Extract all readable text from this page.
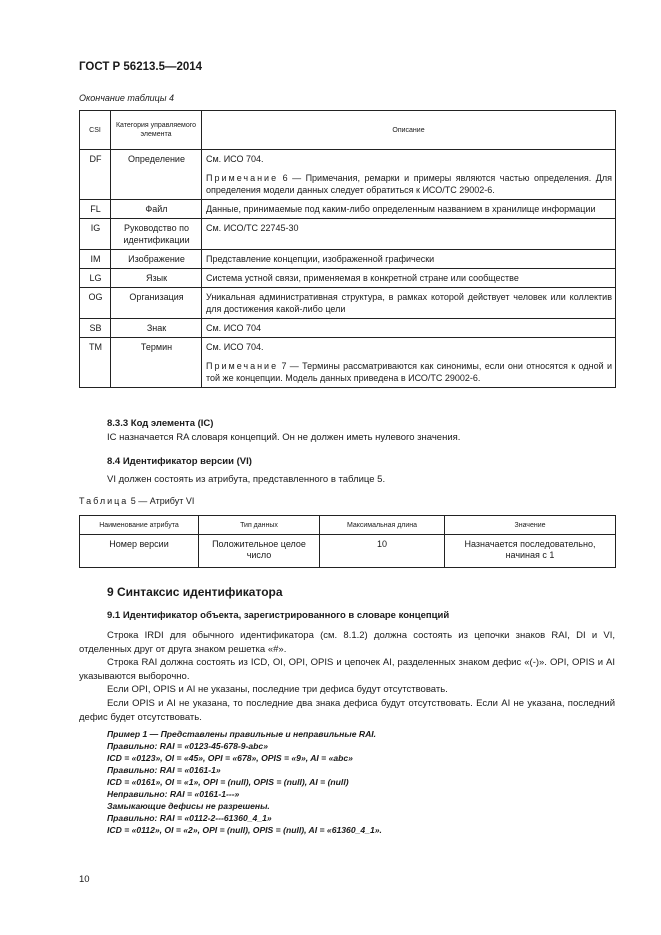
ГОСТ Р 56213.5—2014
Окончание таблицы 4
CSI	Категория управляемого элемента	Описание
DF	Определение	См. ИСО 704.
Примечание 6 — Примечания, ремарки и примеры являются частью определения. Для определения модели данных следует обратиться к ИСО/ТС 29002-6.

FL	Файл	Данные, принимаемые под каким-либо определенным названием в хранилище информации
IG	Руководство по идентификации	См. ИСО/ТС 22745-30
IM	Изображение	Представление концепции, изображенной графически
LG	Язык	Система устной связи, применяемая в конкретной стране или сообществе
OG	Организация	Уникальная административная структура, в рамках которой действует человек или коллектив для достижения какой-либо цели
SB	Знак	См. ИСО 704
TM	Термин	См. ИСО 704.
Примечание 7 — Термины рассматриваются как синонимы, если они относятся к одной и той же концепции. Модель данных приведена в ИСО/ТС 29002-6.
8.3.3 Код элемента (IC)
IC назначается RA словаря концепций. Он не должен иметь нулевого значения.
8.4 Идентификатор версии (VI)
VI должен состоять из атрибута, представленного в таблице 5.
Таблица 5 — Атрибут VI
Наименование атрибута	Тип данных	Максимальная длина	Значение
Номер версии	Положительное целое число	10	Назначается последовательно, начиная с 1
9 Синтаксис идентификатора
9.1 Идентификатор объекта, зарегистрированного в словаре концепций
Строка IRDI для обычного идентификатора (см. 8.1.2) должна состоять из цепочки знаков RAI, DI и VI, отделенных друг от друга знаком решетка «#».
Строка RAI должна состоять из ICD, OI, OPI, OPIS и цепочек AI, разделенных знаком дефис «(-)». OPI, OPIS и AI указываются выборочно.
Если OPI, OPIS и AI не указаны, последние три дефиса будут отсутствовать.
Если OPIS и AI не указана, то последние два знака дефиса будут отсутствовать. Если AI не указана, последний дефис будет отсутствовать.
Пример 1 — Представлены правильные и неправильные RAI.
Правильно: RAI = «0123-45-678-9-abc»
ICD = «0123», OI = «45», OPI = «678», OPIS = «9», AI = «abc»
Правильно: RAI = «0161-1»
ICD = «0161», OI = «1», OPI = (null), OPIS = (null), AI = (null)
Неправильно: RAI = «0161-1---»
Замыкающие дефисы не разрешены.
Правильно: RAI = «0112-2---61360_4_1»
ICD = «0112», OI = «2», OPI = (null), OPIS = (null), AI = «61360_4_1».
10
